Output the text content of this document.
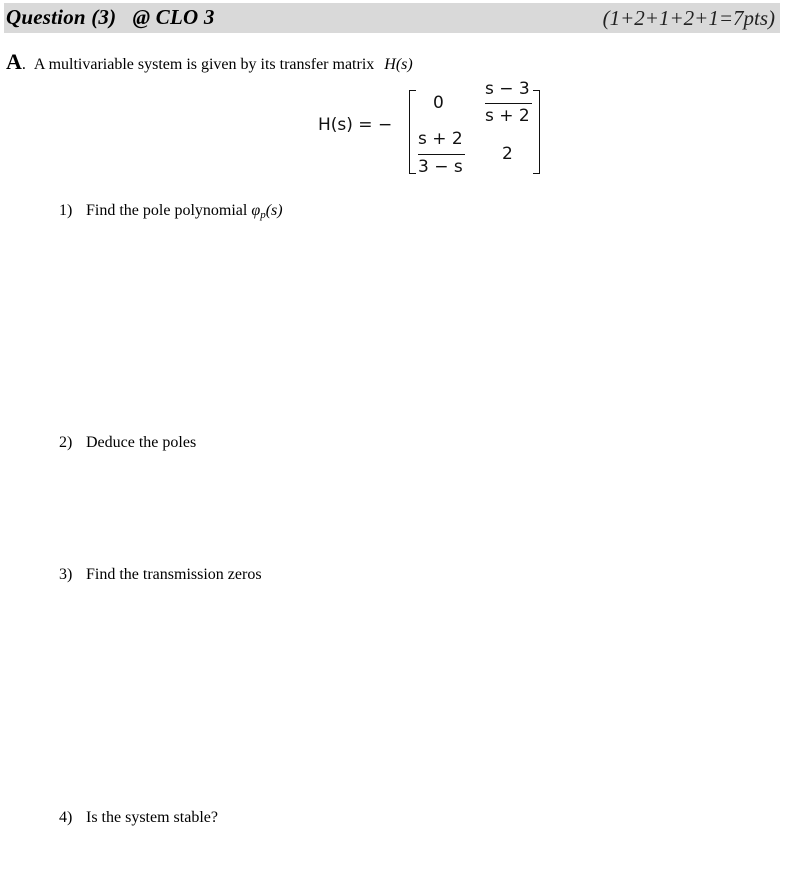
Question (3)   @ CLO 3	(1+2+1+2+1=7pts)
A. A multivariable system is given by its transfer matrix H(s)
H(s) = −
0
s − 3
s + 2
s + 2
3 − s
2
1) Find the pole polynomial φp(s)
2) Deduce the poles
3) Find the transmission zeros
4) Is the system stable?
